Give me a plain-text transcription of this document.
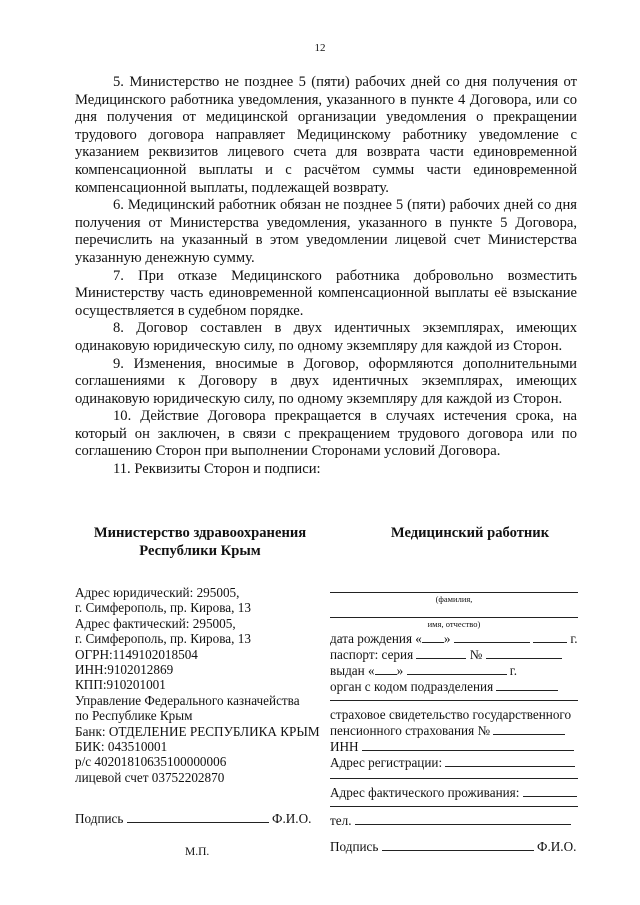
12

5. Министерство не позднее 5 (пяти) рабочих дней со дня получения от Медицинского работника уведомления, указанного в пункте 4 Договора, или со дня получения от медицинской организации уведомления о прекращении трудового договора направляет Медицинскому работнику уведомление с указанием реквизитов лицевого счета для возврата части единовременной компенсационной выплаты и с расчётом суммы части единовременной компенсационной выплаты, подлежащей возврату.

6. Медицинский работник обязан не позднее 5 (пяти) рабочих дней со дня получения от Министерства уведомления, указанного в пункте 5 Договора, перечислить на указанный в этом уведомлении лицевой счет Министерства указанную денежную сумму.

7. При отказе Медицинского работника добровольно возместить Министерству часть единовременной компенсационной выплаты её взыскание осуществляется в судебном порядке.

8. Договор составлен в двух идентичных экземплярах, имеющих одинаковую юридическую силу, по одному экземпляру для каждой из Сторон.

9. Изменения, вносимые в Договор, оформляются дополнительными соглашениями к Договору в двух идентичных экземплярах, имеющих одинаковую юридическую силу, по одному экземпляру для каждой из Сторон.

10. Действие Договора прекращается в случаях истечения срока, на который он заключен, в связи с прекращением трудового договора или по соглашению Сторон при выполнении Сторонами условий Договора.

11. Реквизиты Сторон и подписи:

Министерство здравоохранения
Республики Крым
Медицинский работник
Адрес юридический: 295005,
г. Симферополь, пр. Кирова, 13
Адрес фактический: 295005,
г. Симферополь, пр. Кирова, 13
ОГРН:1149102018504
ИНН:9102012869
КПП:910201001
Управление Федерального казначейства
по Республике Крым
Банк: ОТДЕЛЕНИЕ РЕСПУБЛИКА КРЫМ
БИК: 043510001
р/с 40201810635100000006
лицевой счет 03752202870
Подпись	Ф.И.О.
М.П.
(фамилия,
имя, отчество)
дата рождения « »	г.
паспорт: серия	№
выдан « »	г.
орган с кодом подразделения
страховое свидетельство государственного
пенсионного страхования №
ИНН
Адрес регистрации:
Адрес фактического проживания:
тел.
Подпись	Ф.И.О.
